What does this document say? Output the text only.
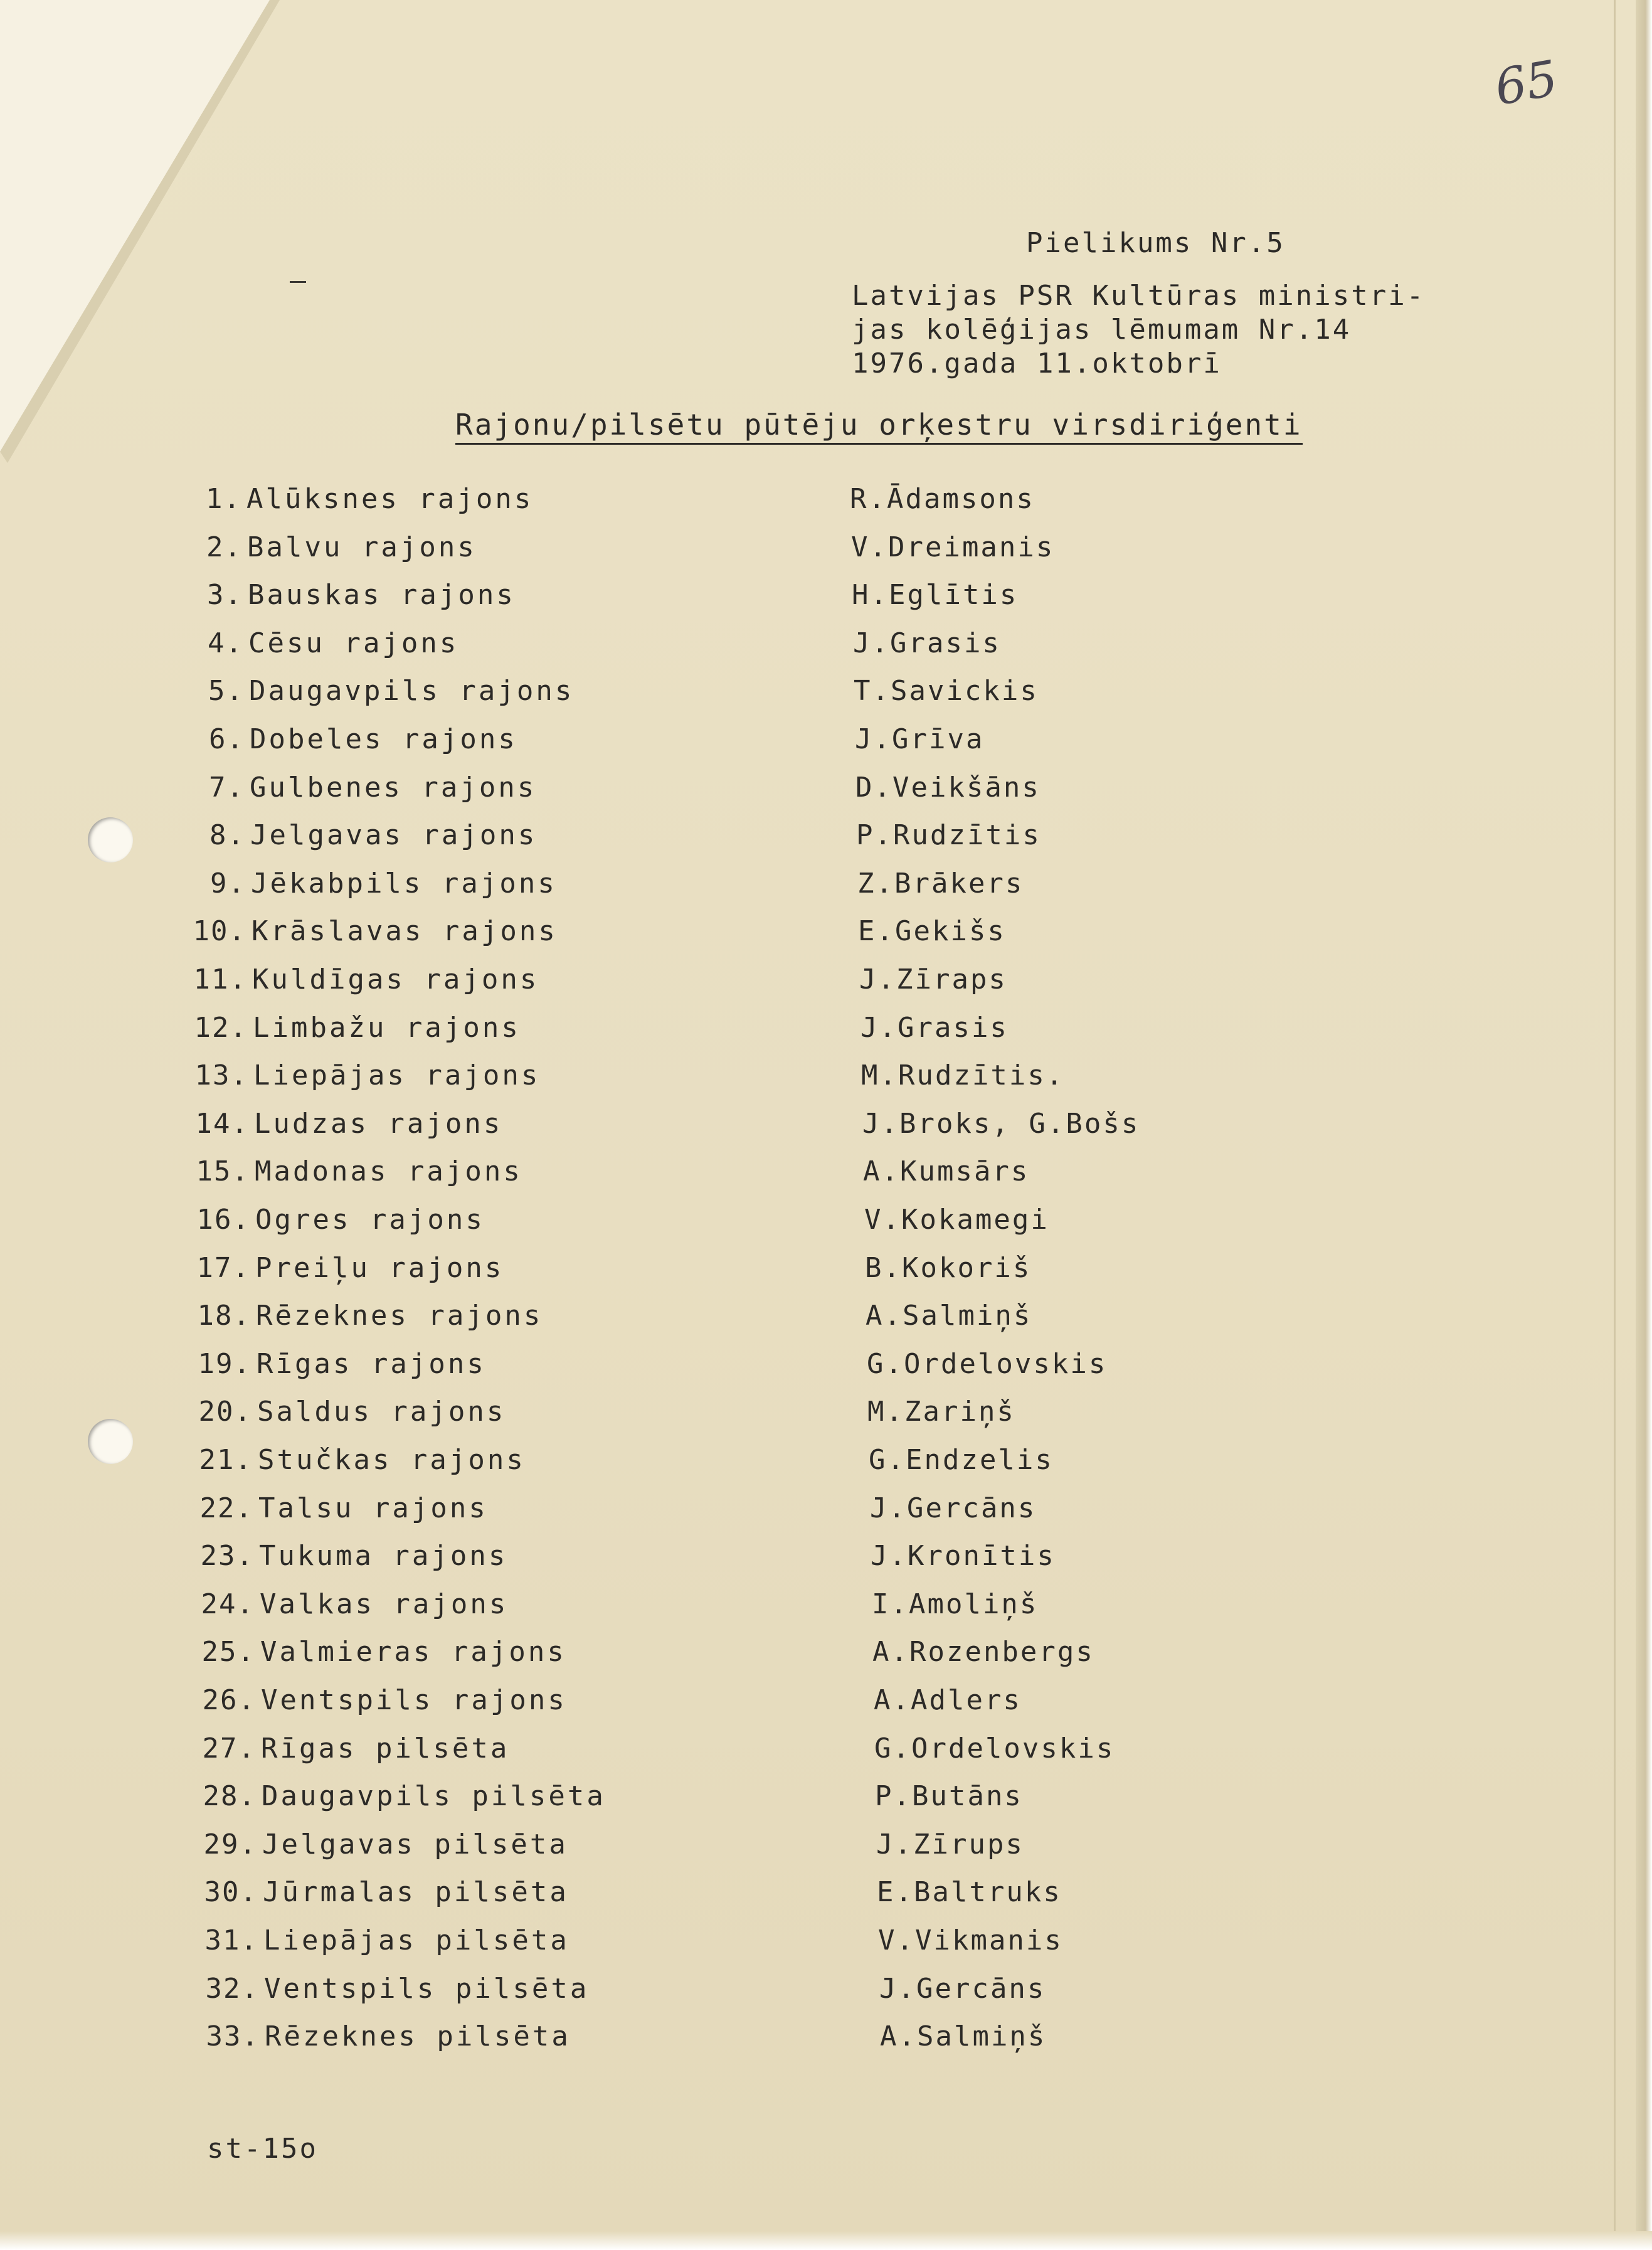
65
Pielikums Nr.5
Latvijas PSR Kultūras ministri-
jas kolēģijas lēmumam Nr.14
1976.gada 11.oktobrī
Rajonu/pilsētu pūtēju orķestru virsdiriģenti
1. Alūksnes rajons	R.Ādamsons
2. Balvu rajons	V.Dreimanis
3. Bauskas rajons	H.Eglītis
4. Cēsu rajons	J.Grasis
5. Daugavpils rajons	T.Savickis
6. Dobeles rajons	J.Grīva
7. Gulbenes rajons	D.Veikšāns
8. Jelgavas rajons	P.Rudzītis
9. Jēkabpils rajons	Z.Brākers
10. Krāslavas rajons	E.Gekišs
11. Kuldīgas rajons	J.Zīraps
12. Limbažu rajons	J.Grasis
13. Liepājas rajons	M.Rudzītis.
14. Ludzas rajons	J.Broks, G.Bošs
15. Madonas rajons	A.Kumsārs
16. Ogres rajons	V.Kokamegi
17. Preiļu rajons	B.Kokoriš
18. Rēzeknes rajons	A.Salmiņš
19. Rīgas rajons	G.Ordelovskis
20. Saldus rajons	M.Zariņš
21. Stučkas rajons	G.Endzelis
22. Talsu rajons	J.Gercāns
23. Tukuma rajons	J.Kronītis
24. Valkas rajons	I.Amoliņš
25. Valmieras rajons	A.Rozenbergs
26. Ventspils rajons	A.Adlers
27. Rīgas pilsēta	G.Ordelovskis
28. Daugavpils pilsēta	P.Butāns
29. Jelgavas pilsēta	J.Zīrups
30. Jūrmalas pilsēta	E.Baltruks
31. Liepājas pilsēta	V.Vikmanis
32. Ventspils pilsēta	J.Gercāns
33. Rēzeknes pilsēta	A.Salmiņš
st-15o
